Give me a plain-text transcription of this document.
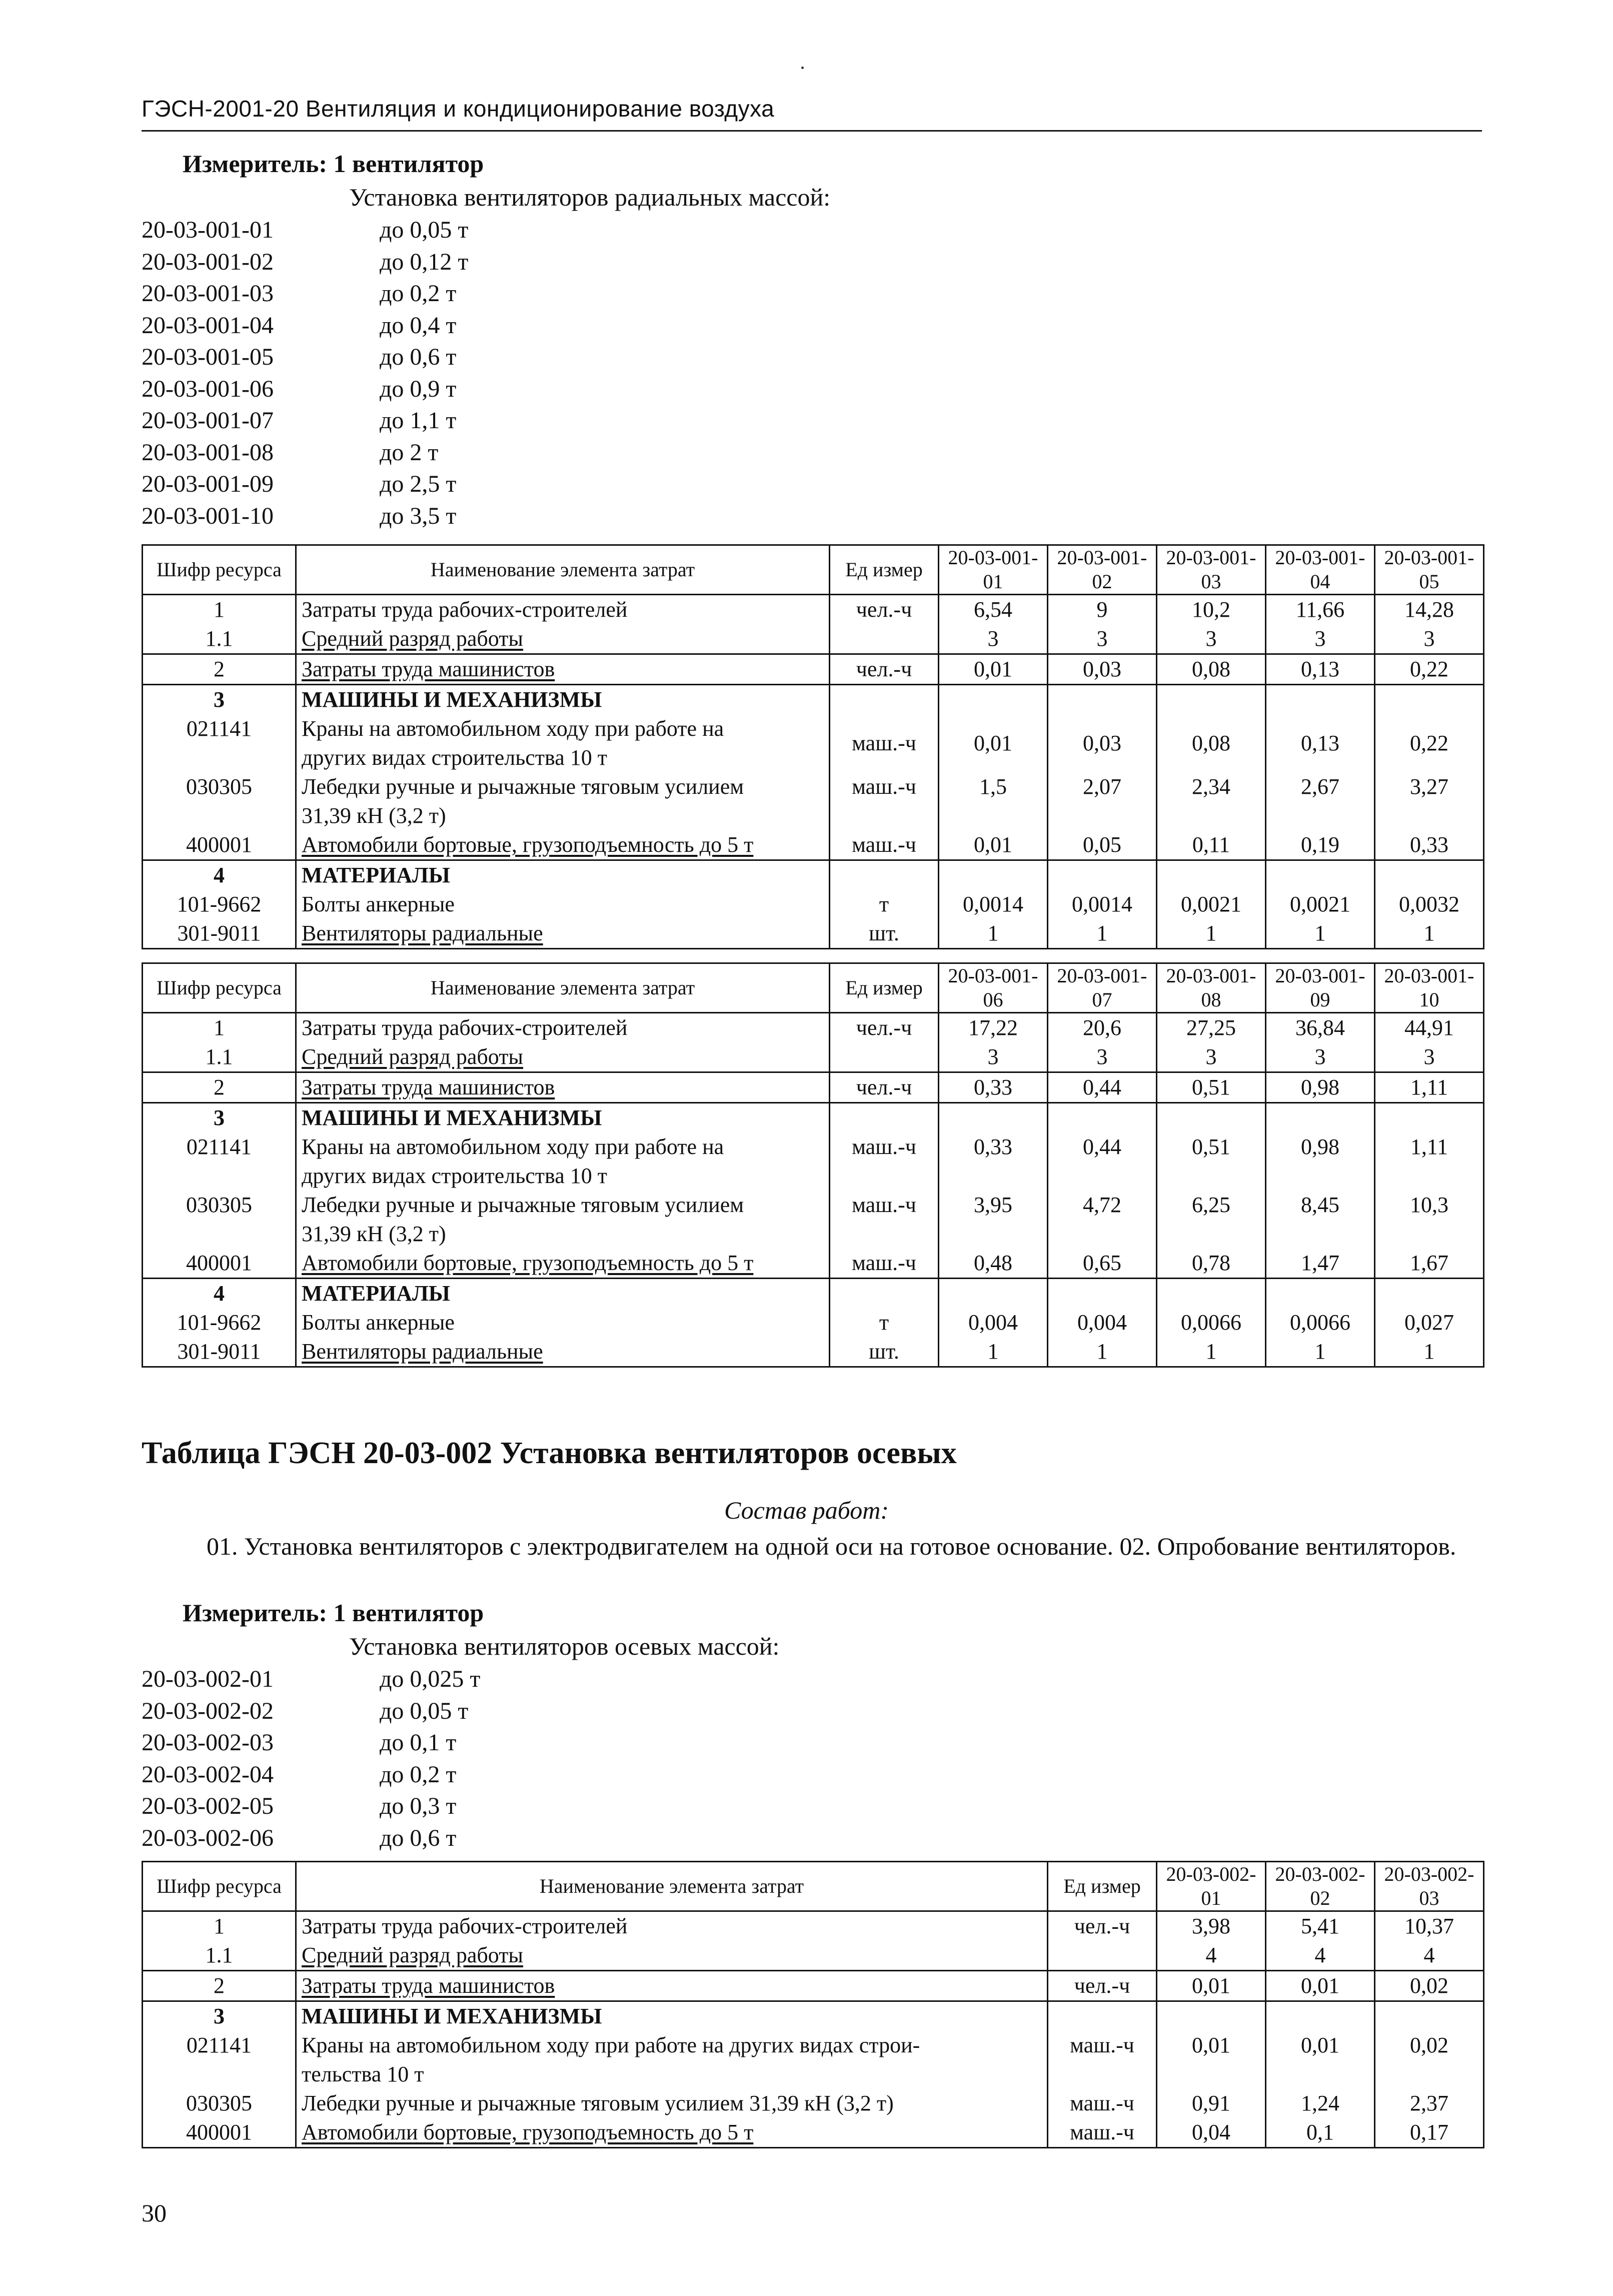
ГЭСН-2001-20 Вентиляция и кондиционирование воздуха
Измеритель: 1 вентилятор
Установка вентиляторов радиальных массой:
20-03-001-01	до 0,05 т
20-03-001-02	до 0,12 т
20-03-001-03	до 0,2 т
20-03-001-04	до 0,4 т
20-03-001-05	до 0,6 т
20-03-001-06	до 0,9 т
20-03-001-07	до 1,1 т
20-03-001-08	до 2 т
20-03-001-09	до 2,5 т
20-03-001-10	до 3,5 т
Шифр ресурса	Наименование элемента затрат	Ед измер	20-03-001-01	20-03-001-02	20-03-001-03	20-03-001-04	20-03-001-05
1	Затраты труда рабочих-строителей	чел.-ч	6,54	9	10,2	11,66	14,28
1.1	Средний разряд работы		3	3	3	3	3
2	Затраты труда машинистов	чел.-ч	0,01	0,03	0,08	0,13	0,22
3	МАШИНЫ И МЕХАНИЗМЫ						
021141	Краны на автомобильном ходу при работе на
других видах строительства 10 т	маш.-ч	0,01	0,03	0,08	0,13	0,22
030305	Лебедки ручные и рычажные тяговым усилием
31,39 кН (3,2 т)	маш.-ч	1,5	2,07	2,34	2,67	3,27
400001	Автомобили бортовые, грузоподъемность до 5 т	маш.-ч	0,01	0,05	0,11	0,19	0,33
4	МАТЕРИАЛЫ						
101-9662	Болты анкерные	т	0,0014	0,0014	0,0021	0,0021	0,0032
301-9011	Вентиляторы радиальные	шт.	1	1	1	1	1
Шифр ресурса	Наименование элемента затрат	Ед измер	20-03-001-06	20-03-001-07	20-03-001-08	20-03-001-09	20-03-001-10
1	Затраты труда рабочих-строителей	чел.-ч	17,22	20,6	27,25	36,84	44,91
1.1	Средний разряд работы		3	3	3	3	3
2	Затраты труда машинистов	чел.-ч	0,33	0,44	0,51	0,98	1,11
3	МАШИНЫ И МЕХАНИЗМЫ						
021141	Краны на автомобильном ходу при работе на
других видах строительства 10 т	маш.-ч	0,33	0,44	0,51	0,98	1,11
030305	Лебедки ручные и рычажные тяговым усилием
31,39 кН (3,2 т)	маш.-ч	3,95	4,72	6,25	8,45	10,3
400001	Автомобили бортовые, грузоподъемность до 5 т	маш.-ч	0,48	0,65	0,78	1,47	1,67
4	МАТЕРИАЛЫ						
101-9662	Болты анкерные	т	0,004	0,004	0,0066	0,0066	0,027
301-9011	Вентиляторы радиальные	шт.	1	1	1	1	1
Таблица ГЭСН 20-03-002 Установка вентиляторов осевых
Состав работ:
01. Установка вентиляторов с электродвигателем на одной оси на готовое основание. 02. Опробование вентиляторов.
Измеритель: 1 вентилятор
Установка вентиляторов осевых массой:
20-03-002-01	до 0,025 т
20-03-002-02	до 0,05 т
20-03-002-03	до 0,1 т
20-03-002-04	до 0,2 т
20-03-002-05	до 0,3 т
20-03-002-06	до 0,6 т
Шифр ресурса	Наименование элемента затрат	Ед измер	20-03-002-01	20-03-002-02	20-03-002-03
1	Затраты труда рабочих-строителей	чел.-ч	3,98	5,41	10,37
1.1	Средний разряд работы		4	4	4
2	Затраты труда машинистов	чел.-ч	0,01	0,01	0,02
3	МАШИНЫ И МЕХАНИЗМЫ				
021141	Краны на автомобильном ходу при работе на других видах строи-
тельства 10 т	маш.-ч	0,01	0,01	0,02
030305	Лебедки ручные и рычажные тяговым усилием 31,39 кН (3,2 т)	маш.-ч	0,91	1,24	2,37
400001	Автомобили бортовые, грузоподъемность до 5 т	маш.-ч	0,04	0,1	0,17
30
